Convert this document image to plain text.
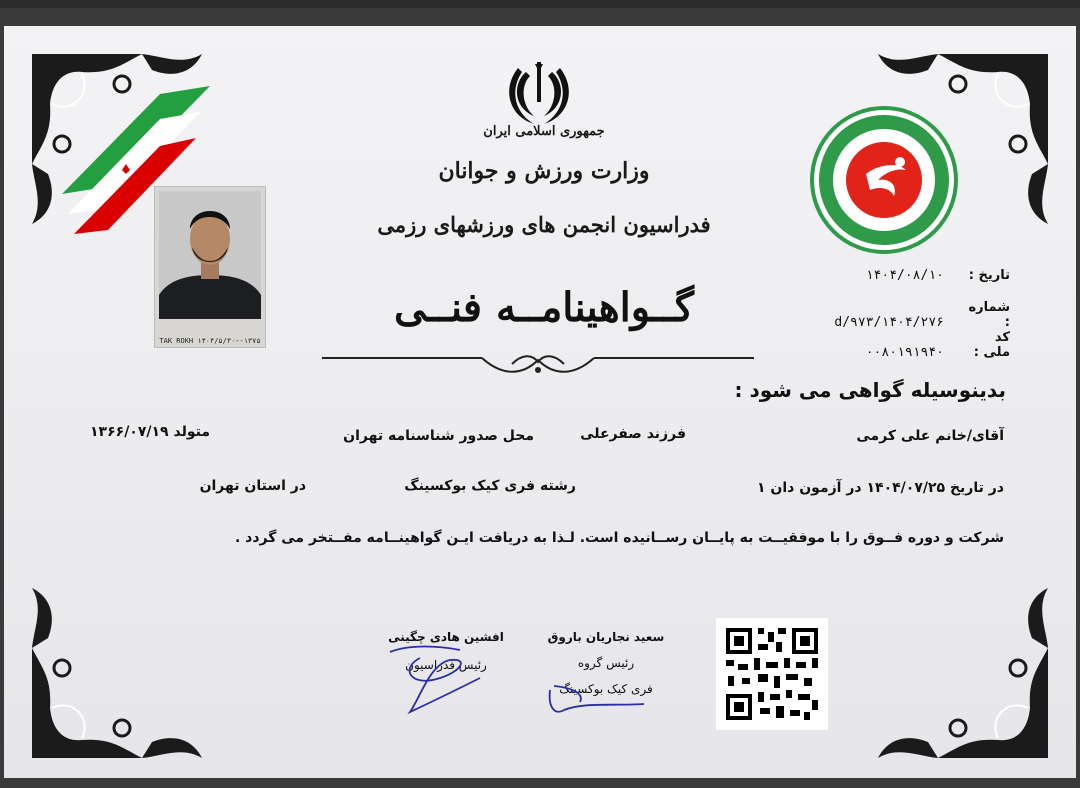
جمهوری اسلامی ایران
وزارت ورزش و جوانان
فدراسیون انجمن های ورزشهای رزمی
TAK ROKH ۱۴۰۴/۵/۳۰--۱۳۷۵
گــواهینامــه فنــی
تاریخ :۱۴۰۴/۰۸/۱۰
شماره :۱۴۰۴/۲۷۶/d/۹۷۳
کد ملی :۰۰۸۰۱۹۱۹۴۰
بدینوسیله گواهی می شود :
آقای/خانم علی کرمی
فرزند صفرعلی
محل صدور شناسنامه تهران
متولد ۱۳۶۶/۰۷/۱۹
در تاریخ ۱۴۰۴/۰۷/۲۵ در آزمون دان ۱
رشته فری کیک بوکسینگ
در استان تهران
شرکت و دوره فــوق را با موفقیــت به پایــان رســانیده است. لـذا به دریافت ایـن گواهینــامه مفــتخر می گردد .
افشین هادی چگینی
رئیس فدراسیون
سعید نجاریان باروق
رئیس گروه
فری کیک بوکسینگ
